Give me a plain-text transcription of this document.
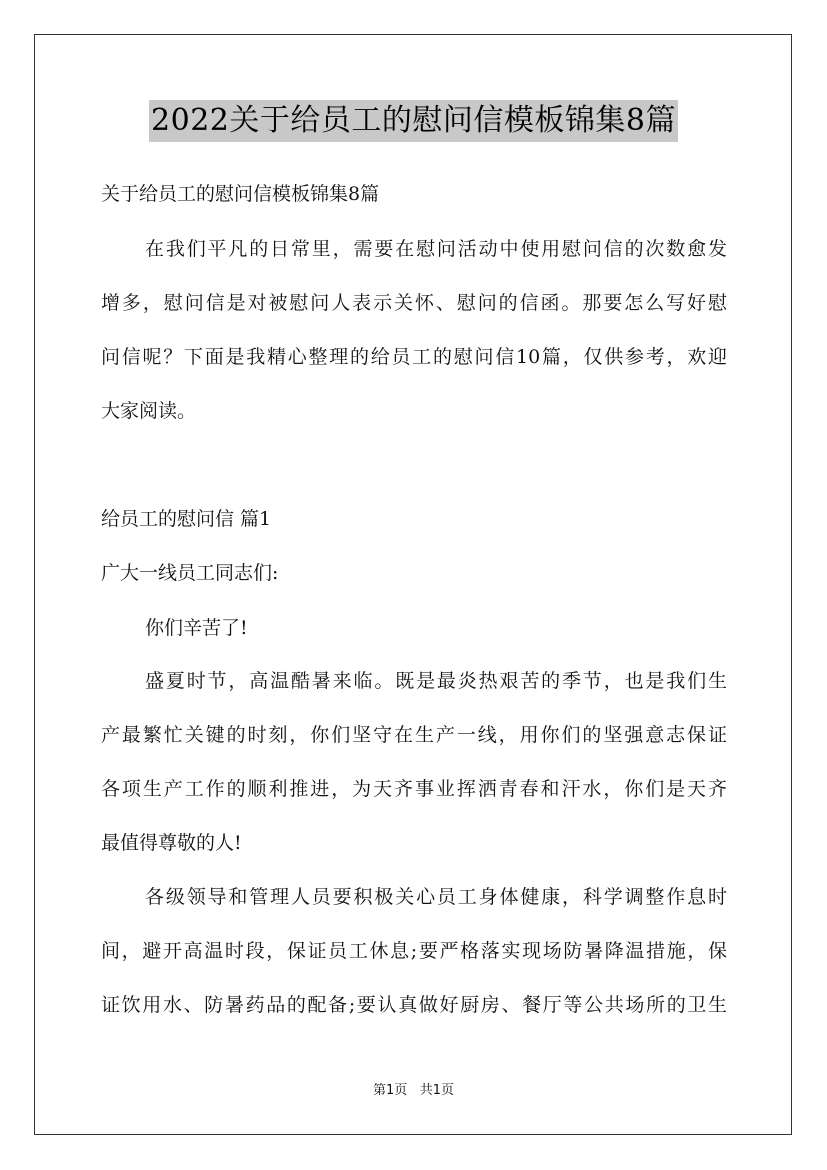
2022关于给员工的慰问信模板锦集8篇
关于给员工的慰问信模板锦集8篇
在我们平凡的日常里，需要在慰问活动中使用慰问信的次数愈发
增多，慰问信是对被慰问人表示关怀、慰问的信函。那要怎么写好慰
问信呢？下面是我精心整理的给员工的慰问信10篇，仅供参考，欢迎
大家阅读。
给员工的慰问信 篇1
广大一线员工同志们:
你们辛苦了!
盛夏时节，高温酷暑来临。既是最炎热艰苦的季节，也是我们生
产最繁忙关键的时刻，你们坚守在生产一线，用你们的坚强意志保证
各项生产工作的顺利推进，为天齐事业挥洒青春和汗水，你们是天齐
最值得尊敬的人!
各级领导和管理人员要积极关心员工身体健康，科学调整作息时
间，避开高温时段，保证员工休息;要严格落实现场防暑降温措施，保
证饮用水、防暑药品的配备;要认真做好厨房、餐厅等公共场所的卫生
第1页 共1页
